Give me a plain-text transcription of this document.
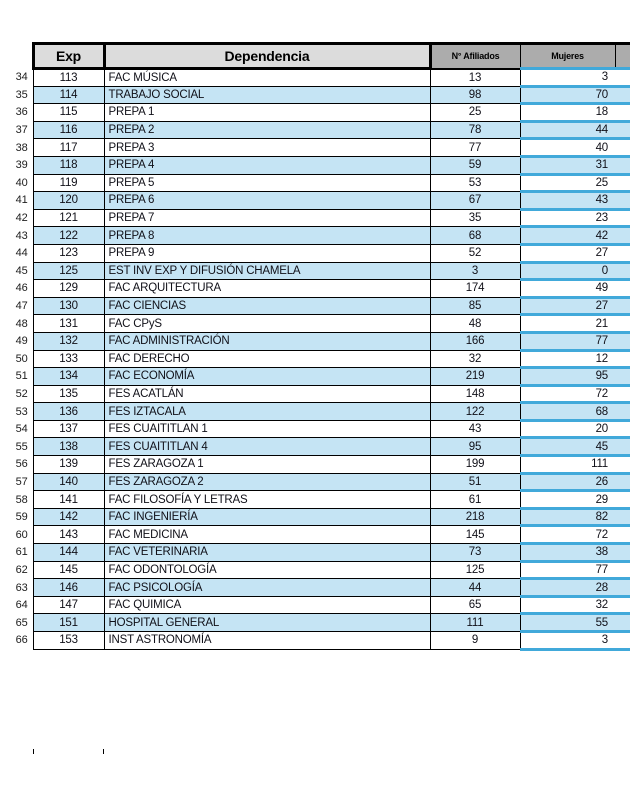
	Exp	Dependencia	N° Afiliados	Mujeres	
34	113	FAC MÚSICA	13	3	
35	114	TRABAJO SOCIAL	98	70	
36	115	PREPA 1	25	18	
37	116	PREPA 2	78	44	
38	117	PREPA 3	77	40	
39	118	PREPA 4	59	31	
40	119	PREPA 5	53	25	
41	120	PREPA 6	67	43	
42	121	PREPA 7	35	23	
43	122	PREPA 8	68	42	
44	123	PREPA 9	52	27	
45	125	EST INV EXP Y DIFUSIÓN CHAMELA	3	0	
46	129	FAC ARQUITECTURA	174	49	
47	130	FAC CIENCIAS	85	27	
48	131	FAC CPyS	48	21	
49	132	FAC ADMINISTRACIÓN	166	77	
50	133	FAC DERECHO	32	12	
51	134	FAC ECONOMÍA	219	95	
52	135	FES ACATLÁN	148	72	
53	136	FES IZTACALA	122	68	
54	137	FES CUAITITLAN 1	43	20	
55	138	FES CUAITITLAN 4	95	45	
56	139	FES ZARAGOZA 1	199	111	
57	140	FES ZARAGOZA 2	51	26	
58	141	FAC FILOSOFÍA Y LETRAS	61	29	
59	142	FAC INGENIERÍA	218	82	
60	143	FAC MEDICINA	145	72	
61	144	FAC VETERINARIA	73	38	
62	145	FAC ODONTOLOGÍA	125	77	
63	146	FAC PSICOLOGÍA	44	28	
64	147	FAC QUIMICA	65	32	
65	151	HOSPITAL GENERAL	111	55	
66	153	INST ASTRONOMÍA	9	3	
